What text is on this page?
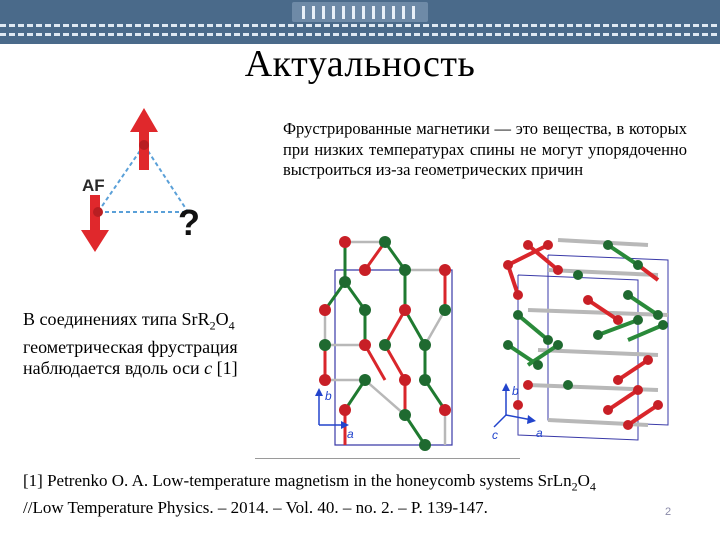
Актуальность
AF
?
Фрустрированные магнетики — это вещества, в которых при низких температурах спины не могут упорядоченно выстроиться из-за геометрических причин
В соединениях типа $SrR_2O_4$
геометрическая фрустрация
наблюдается вдоль оси c [1]
b
a
b
c	a
[1] Petrenko O. A. Low-temperature magnetism in the honeycomb systems $SrLn_2O_4$
//Low Temperature Physics. – 2014. – Vol. 40. – no. 2. – P. 139-147.	2
